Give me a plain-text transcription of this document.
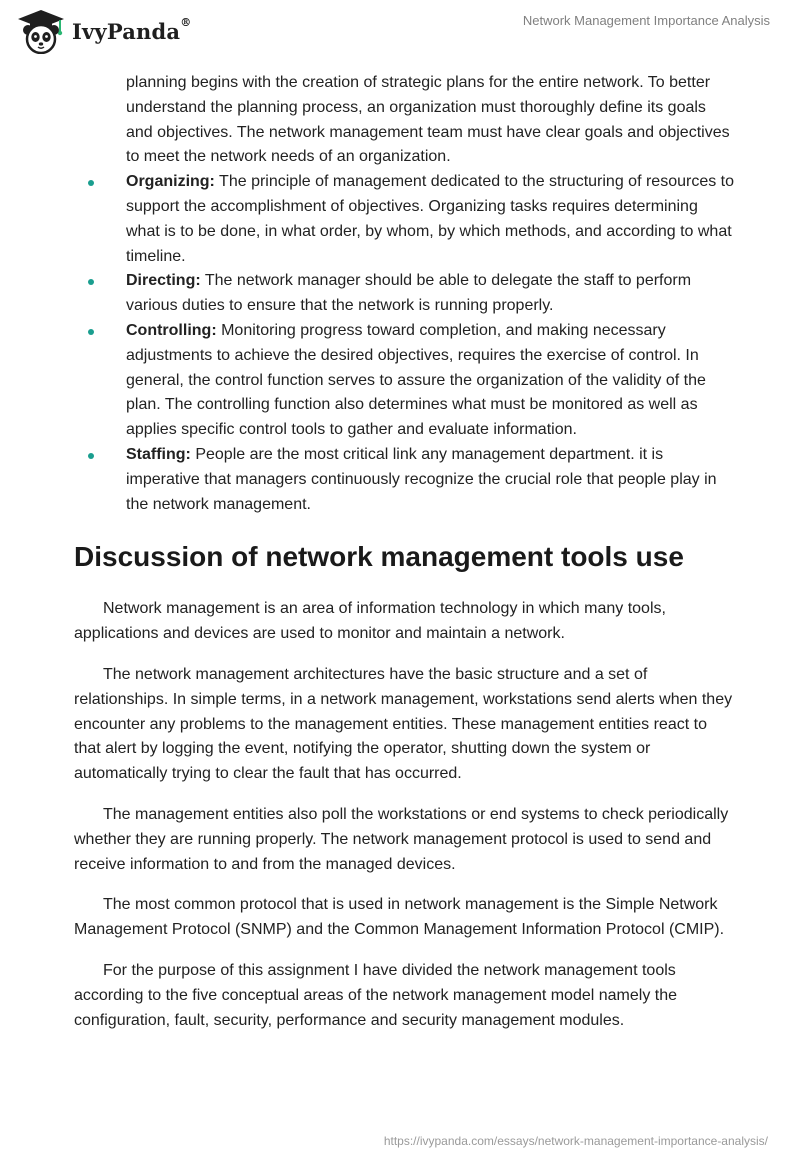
IvyPanda®	Network Management Importance Analysis

planning begins with the creation of strategic plans for the entire network. To better understand the planning process, an organization must thoroughly define its goals and objectives. The network management team must have clear goals and objectives to meet the network needs of an organization.

Organizing: The principle of management dedicated to the structuring of resources to support the accomplishment of objectives. Organizing tasks requires determining what is to be done, in what order, by whom, by which methods, and according to what timeline.
Directing: The network manager should be able to delegate the staff to perform various duties to ensure that the network is running properly.
Controlling: Monitoring progress toward completion, and making necessary adjustments to achieve the desired objectives, requires the exercise of control. In general, the control function serves to assure the organization of the validity of the plan. The controlling function also determines what must be monitored as well as applies specific control tools to gather and evaluate information.
Staffing: People are the most critical link any management department. it is imperative that managers continuously recognize the crucial role that people play in the network management.
Discussion of network management tools use

Network management is an area of information technology in which many tools, applications and devices are used to monitor and maintain a network.

The network management architectures have the basic structure and a set of relationships. In simple terms, in a network management, workstations send alerts when they encounter any problems to the management entities. These management entities react to that alert by logging the event, notifying the operator, shutting down the system or automatically trying to clear the fault that has occurred.

The management entities also poll the workstations or end systems to check periodically whether they are running properly. The network management protocol is used to send and receive information to and from the managed devices.

The most common protocol that is used in network management is the Simple Network Management Protocol (SNMP) and the Common Management Information Protocol (CMIP).

For the purpose of this assignment I have divided the network management tools according to the five conceptual areas of the network management model namely the configuration, fault, security, performance and security management modules.

https://ivypanda.com/essays/network-management-importance-analysis/
